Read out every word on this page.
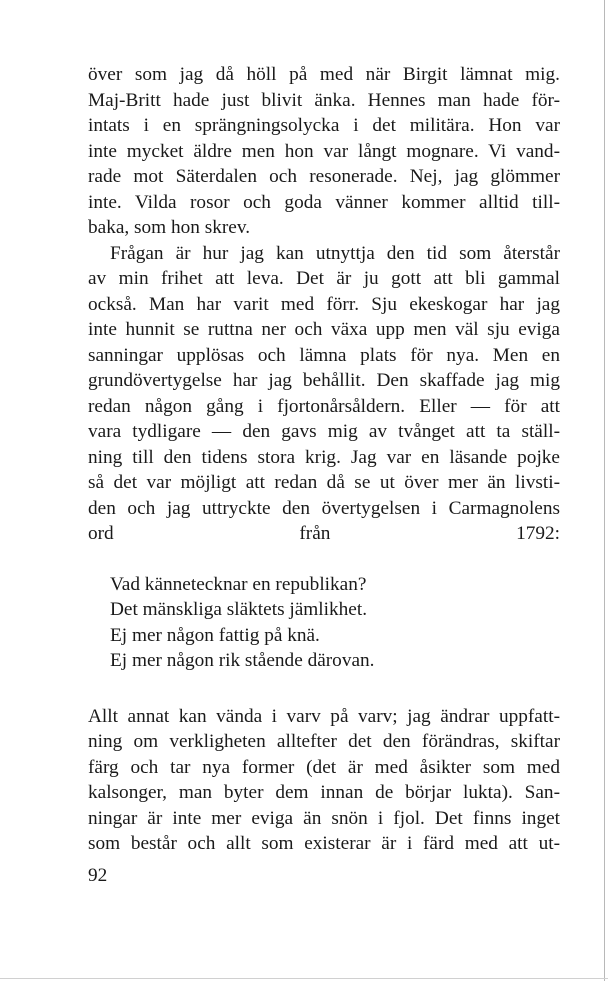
över som jag då höll på med när Birgit lämnat mig.
Maj-Britt hade just blivit änka. Hennes man hade för-
intats i en sprängningsolycka i det militära. Hon var
inte mycket äldre men hon var långt mognare. Vi vand-
rade mot Säterdalen och resonerade. Nej, jag glömmer
inte. Vilda rosor och goda vänner kommer alltid till-
baka, som hon skrev.
Frågan är hur jag kan utnyttja den tid som återstår
av min frihet att leva. Det är ju gott att bli gammal
också. Man har varit med förr. Sju ekeskogar har jag
inte hunnit se ruttna ner och växa upp men väl sju eviga
sanningar upplösas och lämna plats för nya. Men en
grundövertygelse har jag behållit. Den skaffade jag mig
redan någon gång i fjortonårsåldern. Eller — för att
vara tydligare — den gavs mig av tvånget att ta ställ-
ning till den tidens stora krig. Jag var en läsande pojke
så det var möjligt att redan då se ut över mer än livsti-
den och jag uttryckte den övertygelsen i Carmagnolens
ord från 1792:
Vad kännetecknar en republikan?
Det mänskliga släktets jämlikhet.
Ej mer någon fattig på knä.
Ej mer någon rik stående därovan.
Allt annat kan vända i varv på varv; jag ändrar uppfatt-
ning om verkligheten alltefter det den förändras, skiftar
färg och tar nya former (det är med åsikter som med
kalsonger, man byter dem innan de börjar lukta). San-
ningar är inte mer eviga än snön i fjol. Det finns inget
som består och allt som existerar är i färd med att ut-
92
